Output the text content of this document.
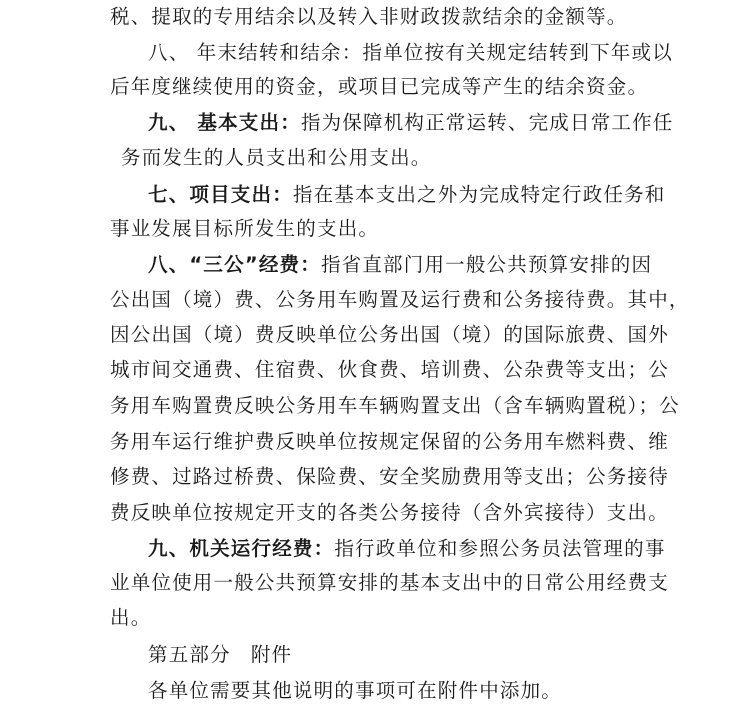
税、提取的专用结余以及转入非财政拨款结余的金额等。
八、 年末结转和结余：指单位按有关规定结转到下年或以
后年度继续使用的资金，或项目已完成等产生的结余资金。
九、 基本支出：指为保障机构正常运转、完成日常工作任
务而发生的人员支出和公用支出。
七、项目支出：指在基本支出之外为完成特定行政任务和
事业发展目标所发生的支出。
八、“三公”经费：指省直部门用一般公共预算安排的因
公出国（境）费、公务用车购置及运行费和公务接待费。其中，
因公出国（境）费反映单位公务出国（境）的国际旅费、国外
城市间交通费、住宿费、伙食费、培训费、公杂费等支出；公
务用车购置费反映公务用车车辆购置支出（含车辆购置税）；公
务用车运行维护费反映单位按规定保留的公务用车燃料费、维
修费、过路过桥费、保险费、安全奖励费用等支出；公务接待
费反映单位按规定开支的各类公务接待（含外宾接待）支出。
九、机关运行经费：指行政单位和参照公务员法管理的事
业单位使用一般公共预算安排的基本支出中的日常公用经费支
出。
第五部分 附件
各单位需要其他说明的事项可在附件中添加。
